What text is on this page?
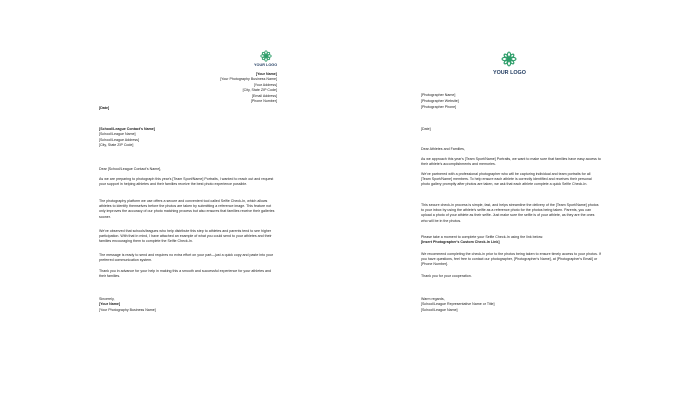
YOUR LOGO
[Your Name]
[Your Photography Business Name]
[Your Address]
[City, State ZIP Code]
[Email Address]
[Phone Number]
[Date]
[School/League Contact's Name]
[School/League Name]
[School/League Address]
[City, State ZIP Code]
Dear [School/League Contact's Name],
As we are preparing to photograph this year's [Team Sport/Name] Portraits, I wanted to reach out and request your support in helping athletes and their families receive the best photo experience possible.
The photography platform we use offers a secure and convenient tool called Selfie Check-In, which allows athletes to identify themselves before the photos are taken by submitting a reference image. This feature not only improves the accuracy of our photo matching process but also ensures that families receive their galleries sooner.
We've observed that schools/leagues who help distribute this step to athletes and parents tend to see higher participation. With that in mind, I have attached an example of what you could send to your athletes and their families encouraging them to complete the Selfie Check-In.
The message is ready to send and requires no extra effort on your part—just a quick copy and paste into your preferred communication system.
Thank you in advance for your help in making this a smooth and successful experience for your athletes and their families.
Sincerely,
[Your Name]
[Your Photography Business Name]
YOUR LOGO
[Photographer Name]
[Photographer Website]
[Photographer Phone]
[Date]
Dear Athletes and Families,
As we approach this year's [Team Sport/Name] Portraits, we want to make sure that families have easy access to their athlete's accomplishments and memories.
We've partnered with a professional photographer who will be capturing individual and team portraits for all [Team Sport/Name] members. To help ensure each athlete is correctly identified and receives their personal photo gallery promptly after photos are taken, we ask that each athlete complete a quick Selfie Check-In.
This secure check-in process is simple, fast, and helps streamline the delivery of the [Team Sport/Name] photos to your inbox by using the athlete's selfie as a reference photo for the photos being taken. Parents, you can upload a photo of your athlete as their selfie. Just make sure the selfie is of your athlete, as they are the ones who will be in the photos.
Please take a moment to complete your Selfie Check-In using the link below:
[Insert Photographer's Custom Check-In Link]
We recommend completing the check-in prior to the photos being taken to ensure timely access to your photos. If you have questions, feel free to contact our photographer, [Photographer's Name], at [Photographer's Email] or [Phone Number].
Thank you for your cooperation.
Warm regards,
[School/League Representative Name or Title]
[School/League Name]
